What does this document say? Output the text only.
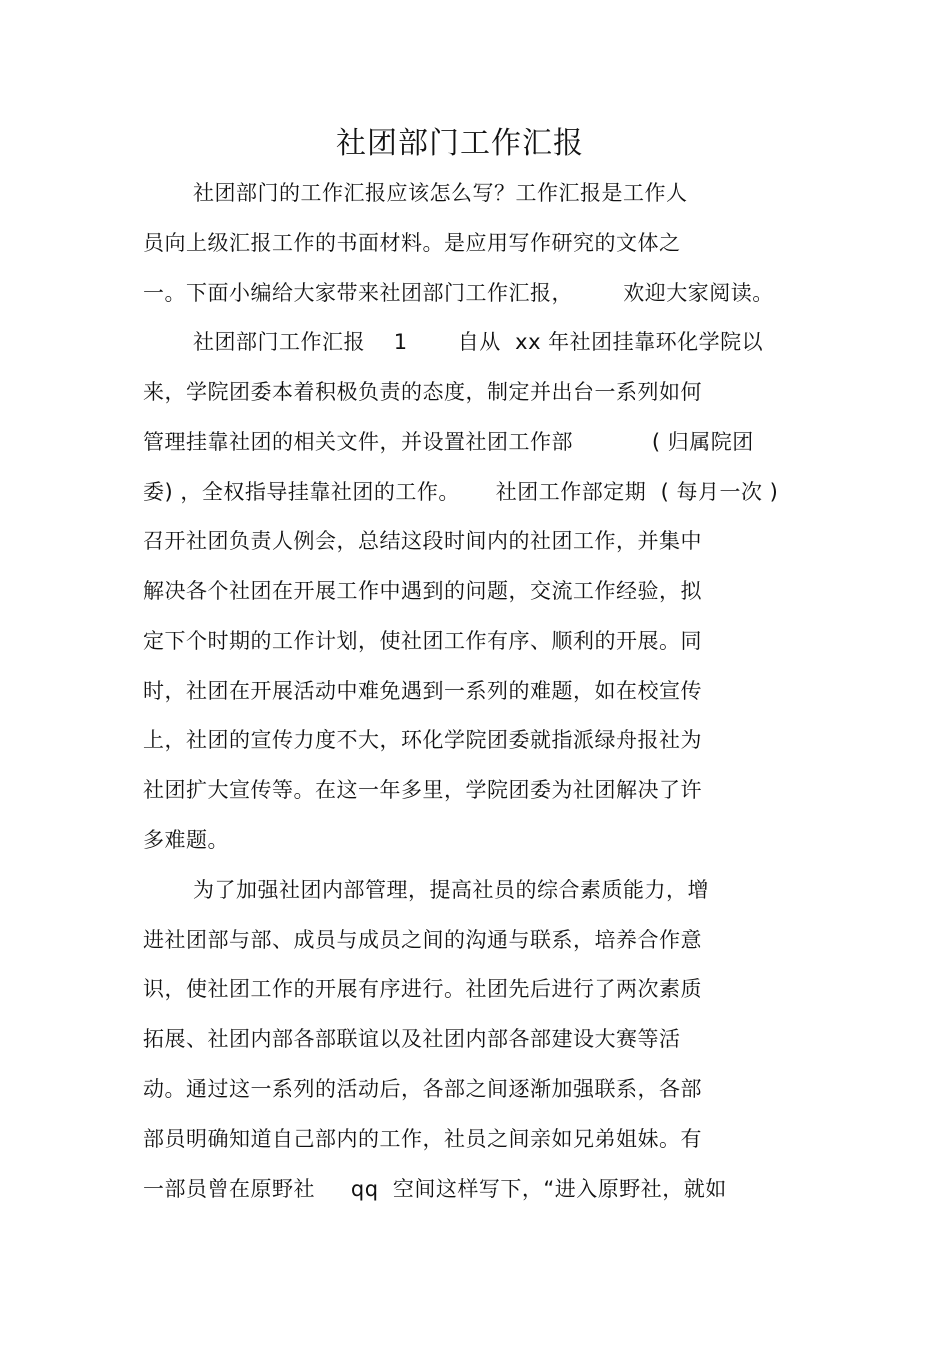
社团部门工作汇报
社团部门的工作汇报应该怎么写？工作汇报是工作人
员向上级汇报工作的书面材料。是应用写作研究的文体之
一。下面小编给大家带来社团部门工作汇报，       欢迎大家阅读。
社团部门工作汇报    1       自从  xx 年社团挂靠环化学院以
来，学院团委本着积极负责的态度，制定并出台一系列如何
管理挂靠社团的相关文件，并设置社团工作部           ( 归属院团
委) ，全权指导挂靠社团的工作。     社团工作部定期  ( 每月一次 )
召开社团负责人例会，总结这段时间内的社团工作，并集中
解决各个社团在开展工作中遇到的问题，交流工作经验，拟
定下个时期的工作计划，使社团工作有序、顺利的开展。同
时，社团在开展活动中难免遇到一系列的难题，如在校宣传
上，社团的宣传力度不大，环化学院团委就指派绿舟报社为
社团扩大宣传等。在这一年多里，学院团委为社团解决了许
多难题。
为了加强社团内部管理，提高社员的综合素质能力，增
进社团部与部、成员与成员之间的沟通与联系，培养合作意
识，使社团工作的开展有序进行。社团先后进行了两次素质
拓展、社团内部各部联谊以及社团内部各部建设大赛等活
动。通过这一系列的活动后，各部之间逐渐加强联系，各部
部员明确知道自己部内的工作，社员之间亲如兄弟姐妹。有
一部员曾在原野社     qq  空间这样写下，“进入原野社，就如
